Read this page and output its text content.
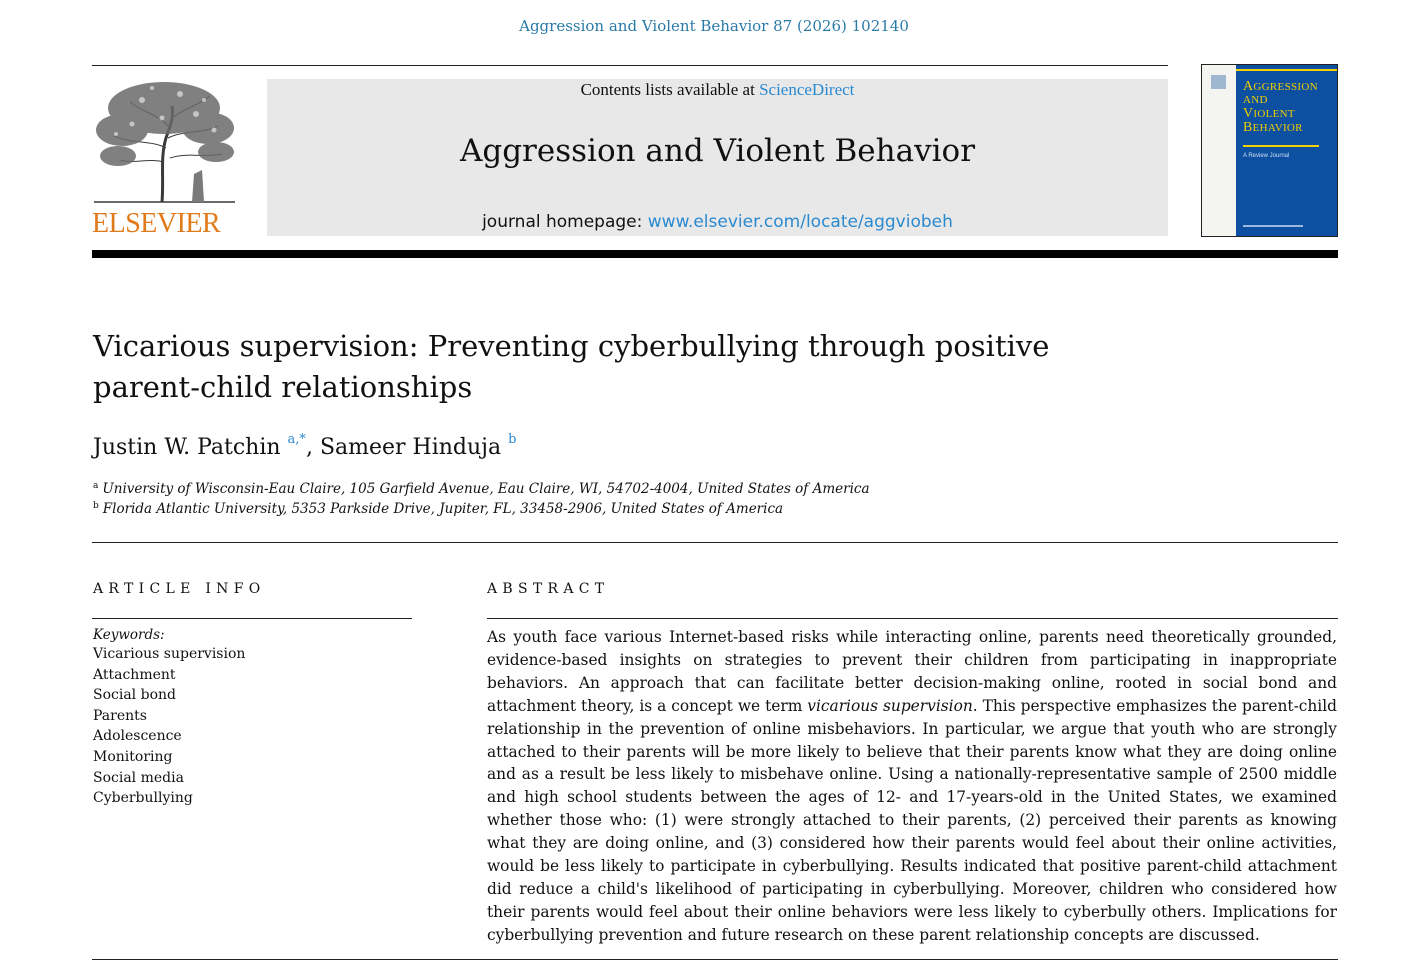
Aggression and Violent Behavior 87 (2026) 102140
ELSEVIER
Contents lists available at ScienceDirect
Aggression and Violent Behavior
journal homepage: www.elsevier.com/locate/aggviobeh
AGGRESSION
AND
VIOLENT
BEHAVIOR
A Review Journal
Vicarious supervision: Preventing cyberbullying through positive
parent-child relationships
Justin W. Patchin $^{a,*}$, Sameer Hinduja $^b$
$^a$ University of Wisconsin-Eau Claire, 105 Garfield Avenue, Eau Claire, WI, 54702-4004, United States of America
$^b$ Florida Atlantic University, 5353 Parkside Drive, Jupiter, FL, 33458-2906, United States of America
ARTICLE INFO	ABSTRACT
Keywords:
Vicarious supervision
Attachment
Social bond
Parents
Adolescence
Monitoring
Social media
Cyberbullying

As youth face various Internet-based risks while interacting online, parents need theoretically grounded, evidence-based insights on strategies to prevent their children from participating in inappropriate behaviors. An approach that can facilitate better decision-making online, rooted in social bond and attachment theory, is a concept we term vicarious supervision. This perspective emphasizes the parent-child relationship in the prevention of online misbehaviors. In particular, we argue that youth who are strongly attached to their parents will be more likely to believe that their parents know what they are doing online and as a result be less likely to misbehave online. Using a nationally-representative sample of 2500 middle and high school students between the ages of 12- and 17-years-old in the United States, we examined whether those who: (1) were strongly attached to their parents, (2) perceived their parents as knowing what they are doing online, and (3) considered how their parents would feel about their online activities, would be less likely to participate in cyberbullying. Results indicated that positive parent-child attachment did reduce a child's likelihood of participating in cyberbullying. Moreover, children who considered how their parents would feel about their online behaviors were less likely to cyberbully others. Implications for cyberbullying prevention and future research on these parent relationship concepts are discussed.
